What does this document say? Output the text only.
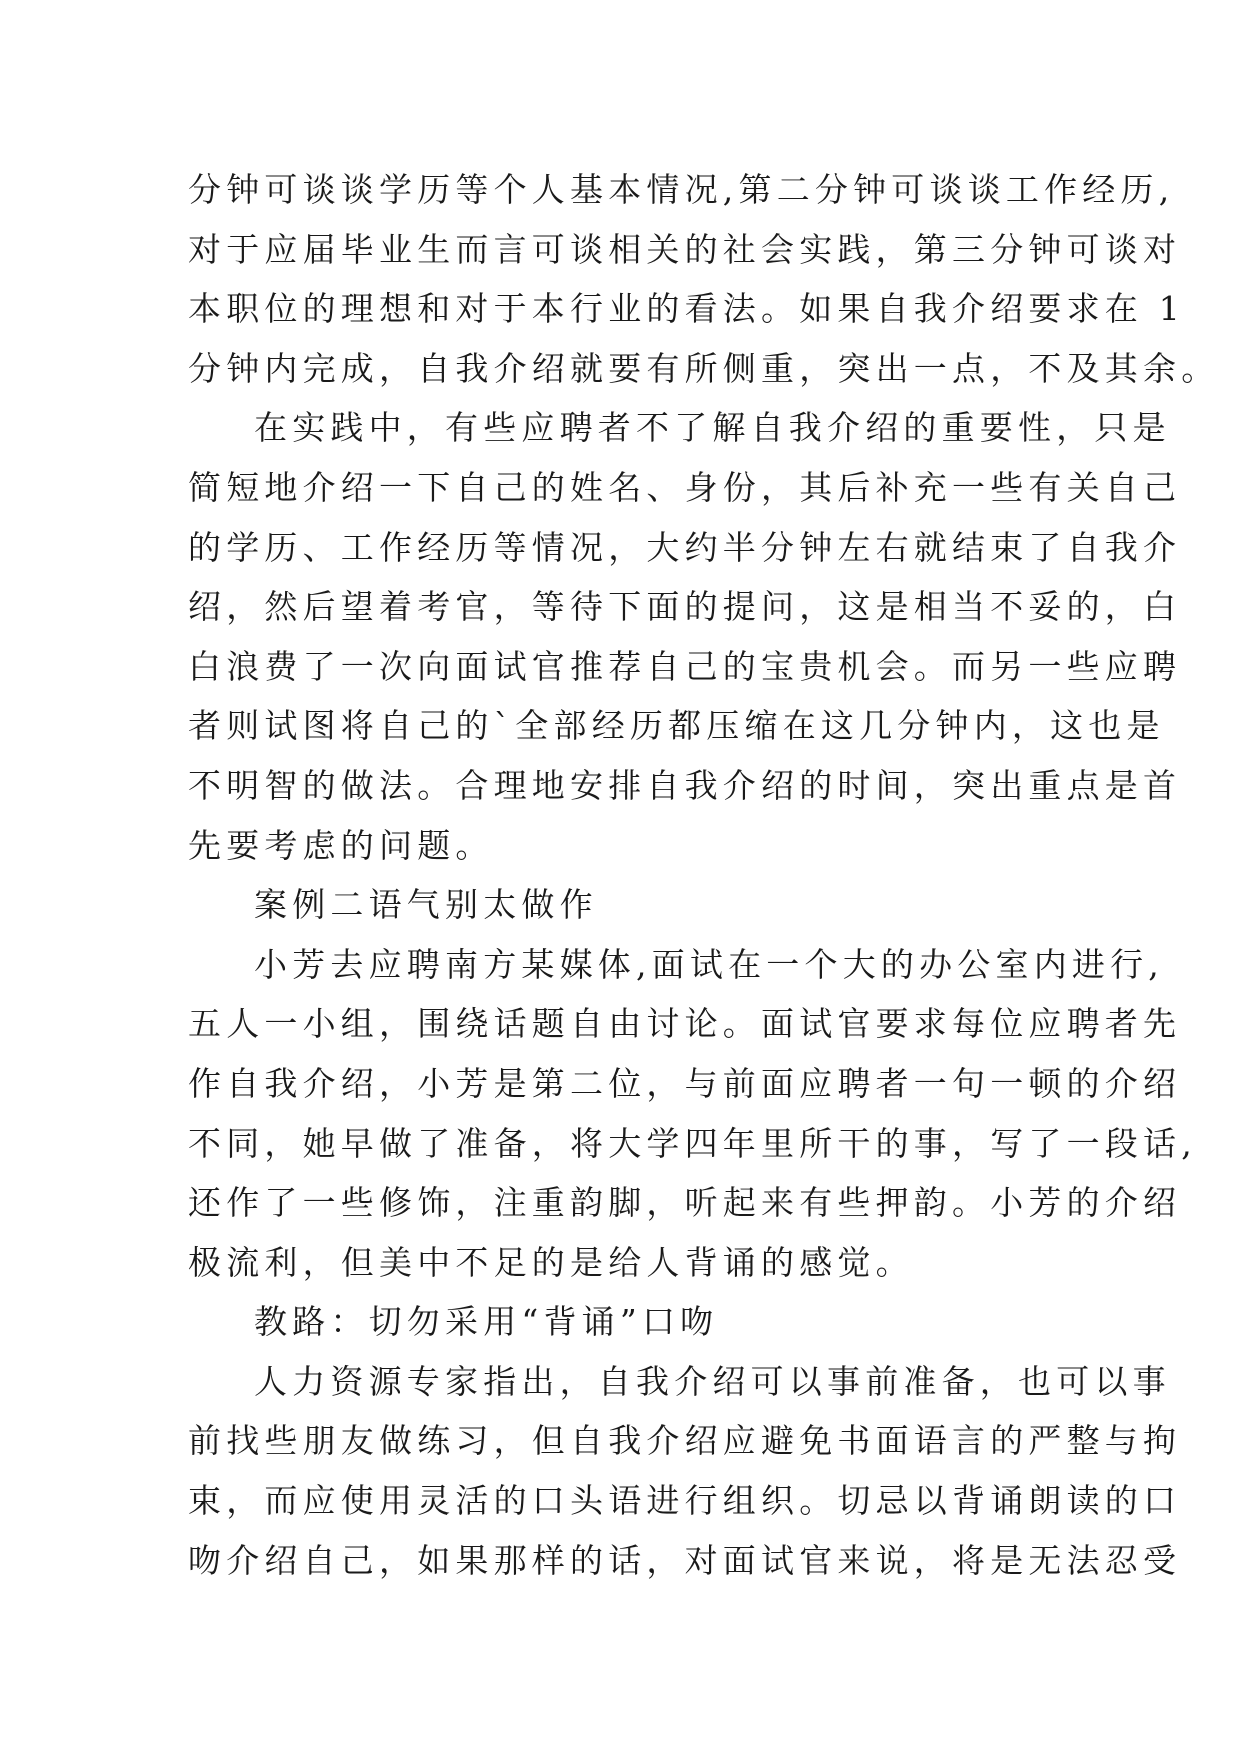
分钟可谈谈学历等个人基本情况,第二分钟可谈谈工作经历,
对于应届毕业生而言可谈相关的社会实践，第三分钟可谈对
本职位的理想和对于本行业的看法。如果自我介绍要求在 1
分钟内完成，自我介绍就要有所侧重，突出一点，不及其余。
在实践中，有些应聘者不了解自我介绍的重要性，只是
简短地介绍一下自己的姓名、身份，其后补充一些有关自己
的学历、工作经历等情况，大约半分钟左右就结束了自我介
绍，然后望着考官，等待下面的提问，这是相当不妥的，白
白浪费了一次向面试官推荐自己的宝贵机会。而另一些应聘
者则试图将自己的`全部经历都压缩在这几分钟内，这也是
不明智的做法。合理地安排自我介绍的时间，突出重点是首
先要考虑的问题。
案例二语气别太做作
小芳去应聘南方某媒体,面试在一个大的办公室内进行,
五人一小组，围绕话题自由讨论。面试官要求每位应聘者先
作自我介绍，小芳是第二位，与前面应聘者一句一顿的介绍
不同，她早做了准备，将大学四年里所干的事，写了一段话,
还作了一些修饰，注重韵脚，听起来有些押韵。小芳的介绍
极流利，但美中不足的是给人背诵的感觉。
教路：切勿采用“背诵”口吻
人力资源专家指出，自我介绍可以事前准备，也可以事
前找些朋友做练习，但自我介绍应避免书面语言的严整与拘
束，而应使用灵活的口头语进行组织。切忌以背诵朗读的口
吻介绍自己，如果那样的话，对面试官来说，将是无法忍受
